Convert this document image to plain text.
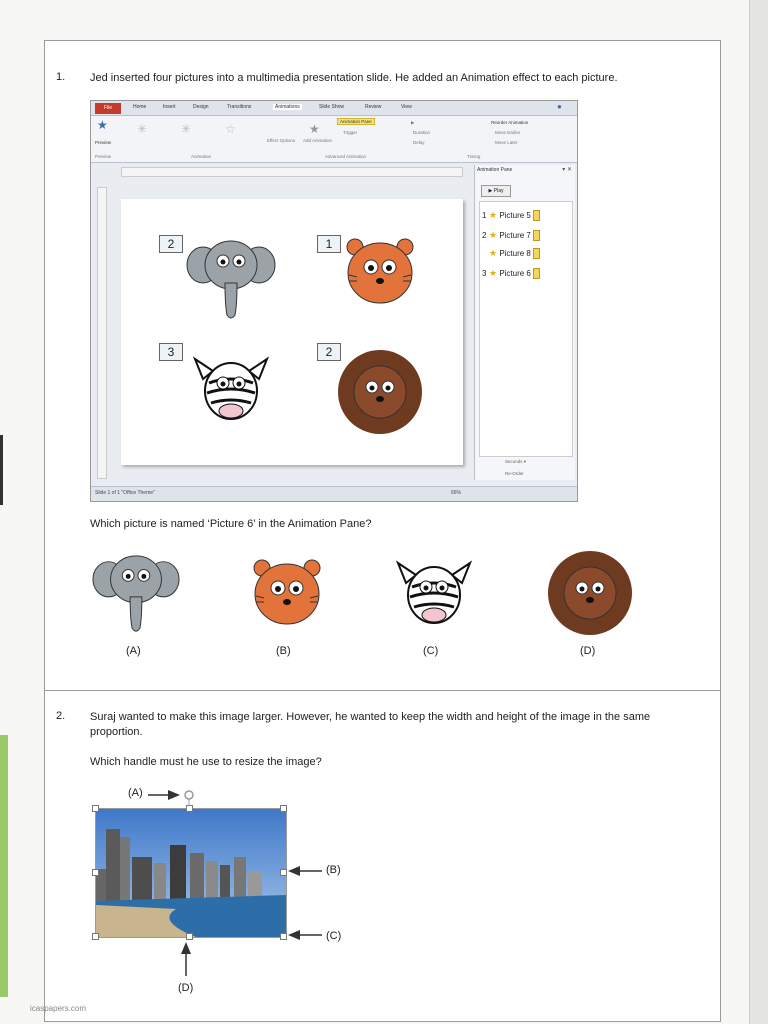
1. Jed inserted four pictures into a multimedia presentation slide. He added an Animation effect to each picture.
File	Home	Insert	Design	Transitions	Animations	Slide Show	Review	View	●
★
Preview
✳	✳	☆
Effect Options
★
Add Animation
Animation Pane
Trigger
▶
Duration
Delay
Reorder Animation
Move Earlier
Move Later
Preview	Animation	Advanced Animation	Timing
2	1
3	2
Animation Pane	▾ ✕
▶ Play
1 ★ Picture 5
2 ★ Picture 7
★ Picture 8
3 ★ Picture 6
Seconds ▾
Re-Order
Slide 1 of 1 "Office Theme"	66%
Which picture is named ‘Picture 6’ in the Animation Pane?
(A)	(B)	(C)	(D)
2. Suraj wanted to make this image larger. However, he wanted to keep the width and height of the image in the same proportion.
Which handle must he use to resize the image?
(A)
(B)
(C)
(D)
icaspapers.com
